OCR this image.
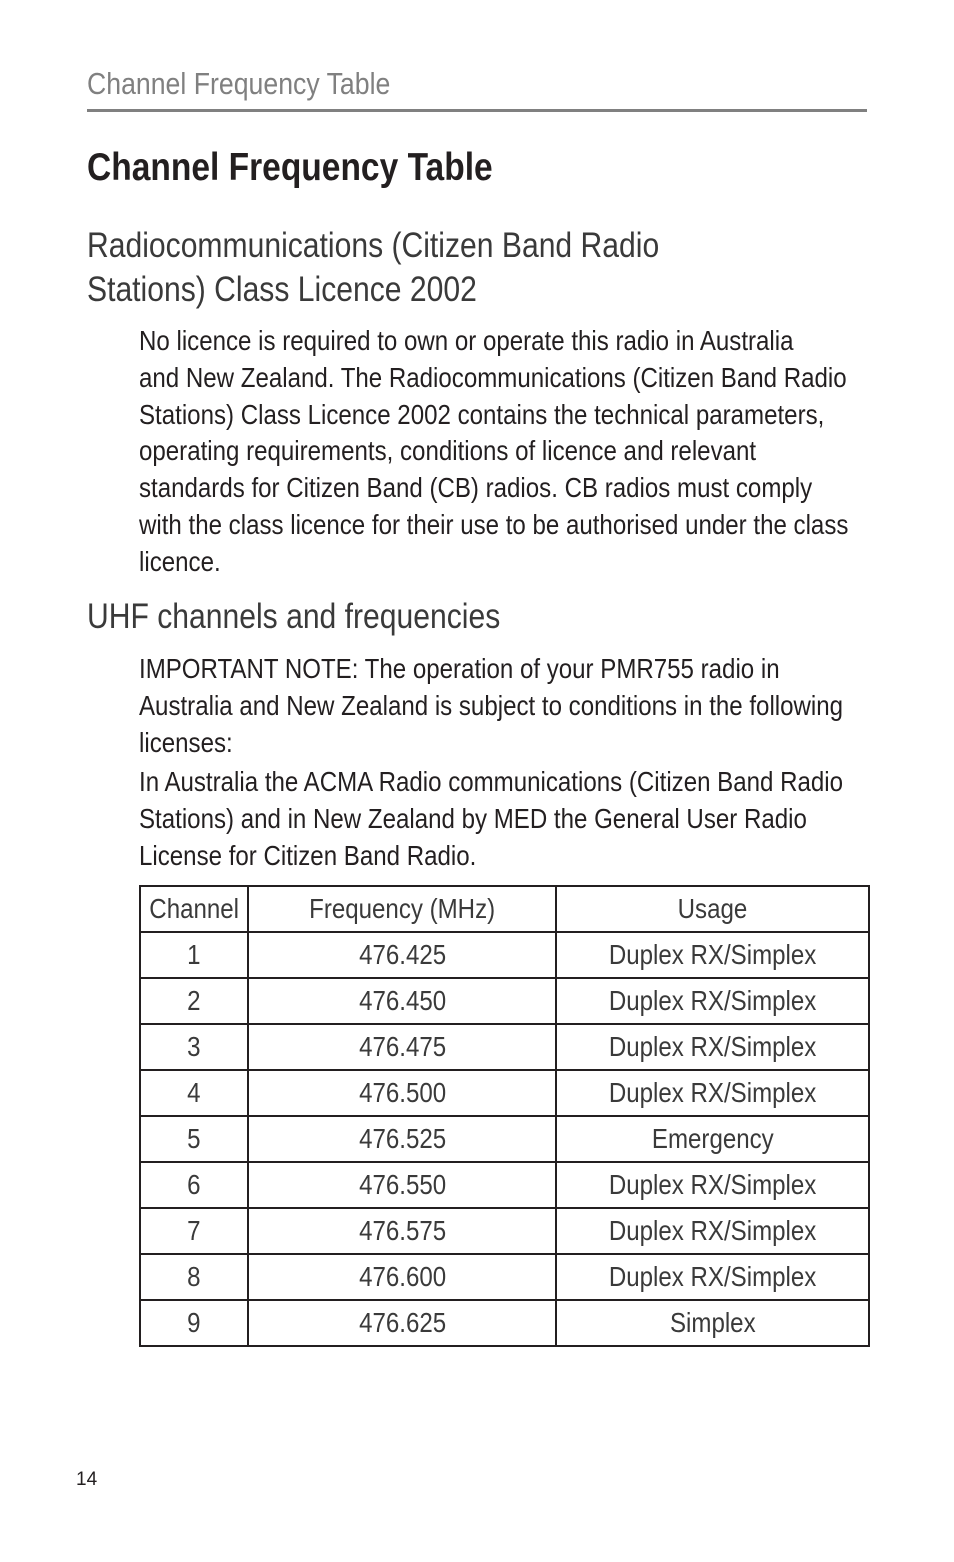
Channel Frequency Table
Channel Frequency Table
Radiocommunications (Citizen Band Radio
Stations) Class Licence 2002

No licence is required to own or operate this radio in Australia
and New Zealand. The Radiocommunications (Citizen Band Radio
Stations) Class Licence 2002 contains the technical parameters,
operating requirements, conditions of licence and relevant
standards for Citizen Band (CB) radios. CB radios must comply
with the class licence for their use to be authorised under the class
licence.

UHF channels and frequencies

IMPORTANT NOTE: The operation of your PMR755 radio in
Australia and New Zealand is subject to conditions in the following
licenses:

In Australia the ACMA Radio communications (Citizen Band Radio
Stations) and in New Zealand by MED the General User Radio
License for Citizen Band Radio.

Channel	Frequency (MHz)	Usage
1	476.425	Duplex RX/Simplex
2	476.450	Duplex RX/Simplex
3	476.475	Duplex RX/Simplex
4	476.500	Duplex RX/Simplex
5	476.525	Emergency
6	476.550	Duplex RX/Simplex
7	476.575	Duplex RX/Simplex
8	476.600	Duplex RX/Simplex
9	476.625	Simplex
14
